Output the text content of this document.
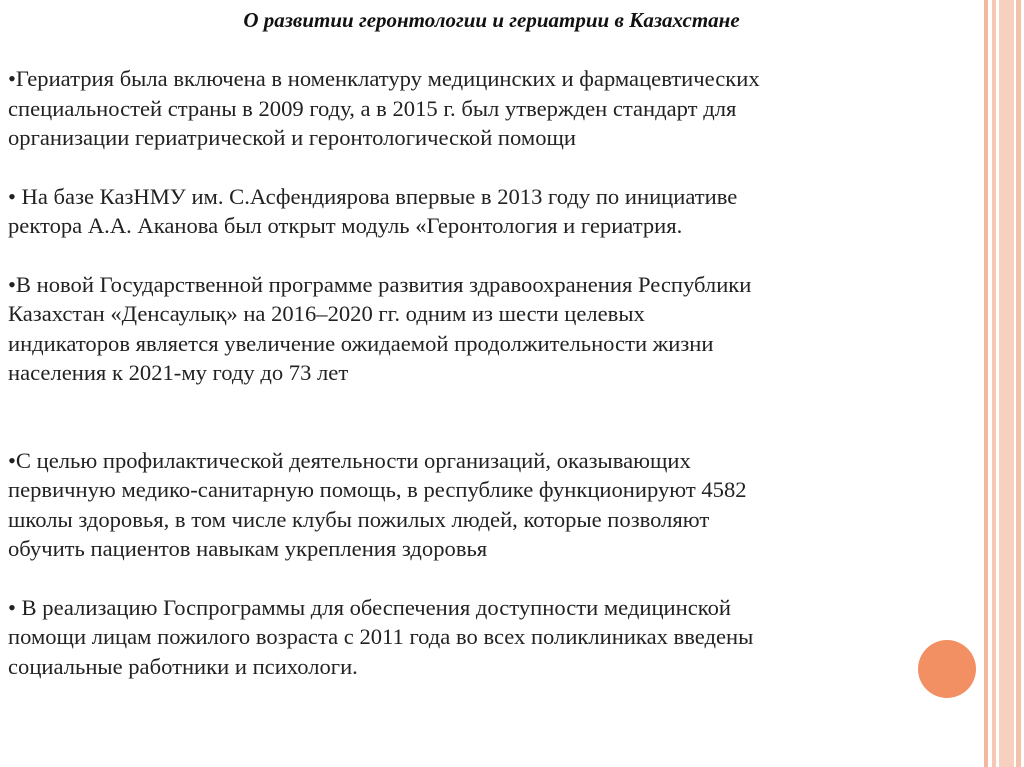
О развитии геронтологии и гериатрии в Казахстане

•Гериатрия была включена в номенклатуру медицинских и фармацевтических
специальностей страны в 2009 году, а в 2015 г. был утвержден стандарт для
организации гериатрической и геронтологической помощи

• На базе КазНМУ им. С.Асфендиярова впервые в 2013 году по инициативе
ректора А.А. Аканова был открыт модуль «Геронтология и гериатрия.

•В новой Государственной программе развития здравоохранения Республики
Казахстан «Денсаулық» на 2016–2020 гг. одним из шести целевых
индикаторов является увеличение ожидаемой продолжительности жизни
населения к 2021-му году до 73 лет

•С целью профилактической деятельности организаций, оказывающих
первичную медико-санитарную помощь, в республике функционируют 4582
школы здоровья, в том числе клубы пожилых людей, которые позволяют
обучить пациентов навыкам укрепления здоровья

• В реализацию Госпрограммы для обеспечения доступности медицинской
помощи лицам пожилого возраста с 2011 года во всех поликлиниках введены
социальные работники и психологи.
